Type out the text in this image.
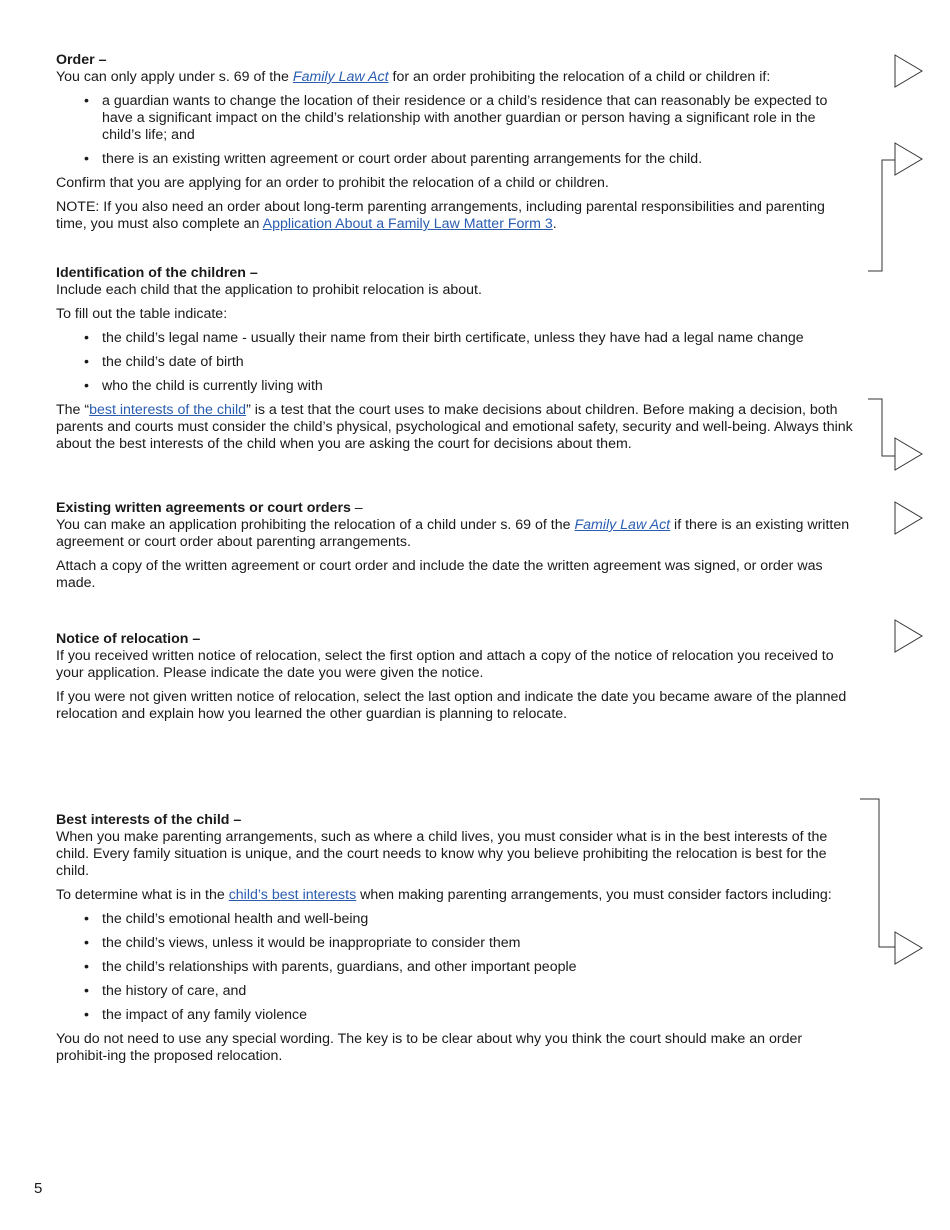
Order –

You can only apply under s. 69 of the Family Law Act for an order prohibiting the relocation of a child or children if:

• a guardian wants to change the location of their residence or a child’s residence that can reasonably be expected to have a significant impact on the child’s relationship with another guardian or person having a significant role in the child’s life; and
• there is an existing written agreement or court order about parenting arrangements for the child.

Confirm that you are applying for an order to prohibit the relocation of a child or children.

NOTE: If you also need an order about long-term parenting arrangements, including parental responsibilities and parenting time, you must also complete an Application About a Family Law Matter Form 3.

Identification of the children –

Include each child that the application to prohibit relocation is about.

To fill out the table indicate:

• the child’s legal name - usually their name from their birth certificate, unless they have had a legal name change
• the child’s date of birth
• who the child is currently living with

The “best interests of the child” is a test that the court uses to make decisions about children. Before making a decision, both parents and courts must consider the child’s physical, psychological and emotional safety, security and well-being. Always think about the best interests of the child when you are asking the court for decisions about them.

Existing written agreements or court orders –

You can make an application prohibiting the relocation of a child under s. 69 of the Family Law Act if there is an existing written agreement or court order about parenting arrangements.

Attach a copy of the written agreement or court order and include the date the written agreement was signed, or order was made.

Notice of relocation –

If you received written notice of relocation, select the first option and attach a copy of the notice of relocation you received to your application. Please indicate the date you were given the notice.

If you were not given written notice of relocation, select the last option and indicate the date you became aware of the planned relocation and explain how you learned the other guardian is planning to relocate.

Best interests of the child –

When you make parenting arrangements, such as where a child lives, you must consider what is in the best interests of the child. Every family situation is unique, and the court needs to know why you believe prohibiting the relocation is best for the child.

To determine what is in the child’s best interests when making parenting arrangements, you must consider factors including:

• the child’s emotional health and well-being
• the child’s views, unless it would be inappropriate to consider them
• the child’s relationships with parents, guardians, and other important people
• the history of care, and
• the impact of any family violence

You do not need to use any special wording. The key is to be clear about why you think the court should make an order prohibit-ing the proposed relocation.

5
